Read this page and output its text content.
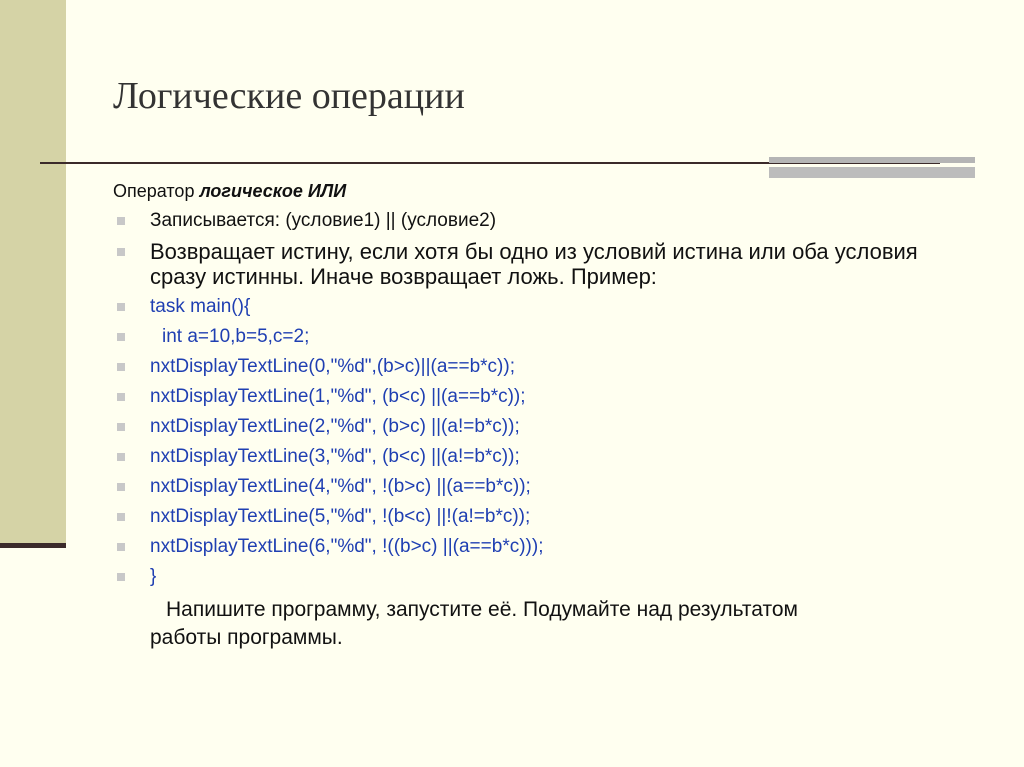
Логические операции
Оператор логическое ИЛИ
Записывается: (условие1) || (условие2)
Возвращает истину, если хотя бы одно из условий истина или оба условия сразу истинны. Иначе возвращает ложь. Пример:
task main(){
int a=10,b=5,c=2;
nxtDisplayTextLine(0,"%d",(b>c)||(a==b*c));
nxtDisplayTextLine(1,"%d", (b<c) ||(a==b*c));
nxtDisplayTextLine(2,"%d", (b>c) ||(a!=b*c));
nxtDisplayTextLine(3,"%d", (b<c) ||(a!=b*c));
nxtDisplayTextLine(4,"%d", !(b>c) ||(a==b*c));
nxtDisplayTextLine(5,"%d", !(b<c) ||!(a!=b*c));
nxtDisplayTextLine(6,"%d", !((b>c) ||(a==b*c)));
}
Напишите программу, запустите её. Подумайте над результатом
работы программы.
